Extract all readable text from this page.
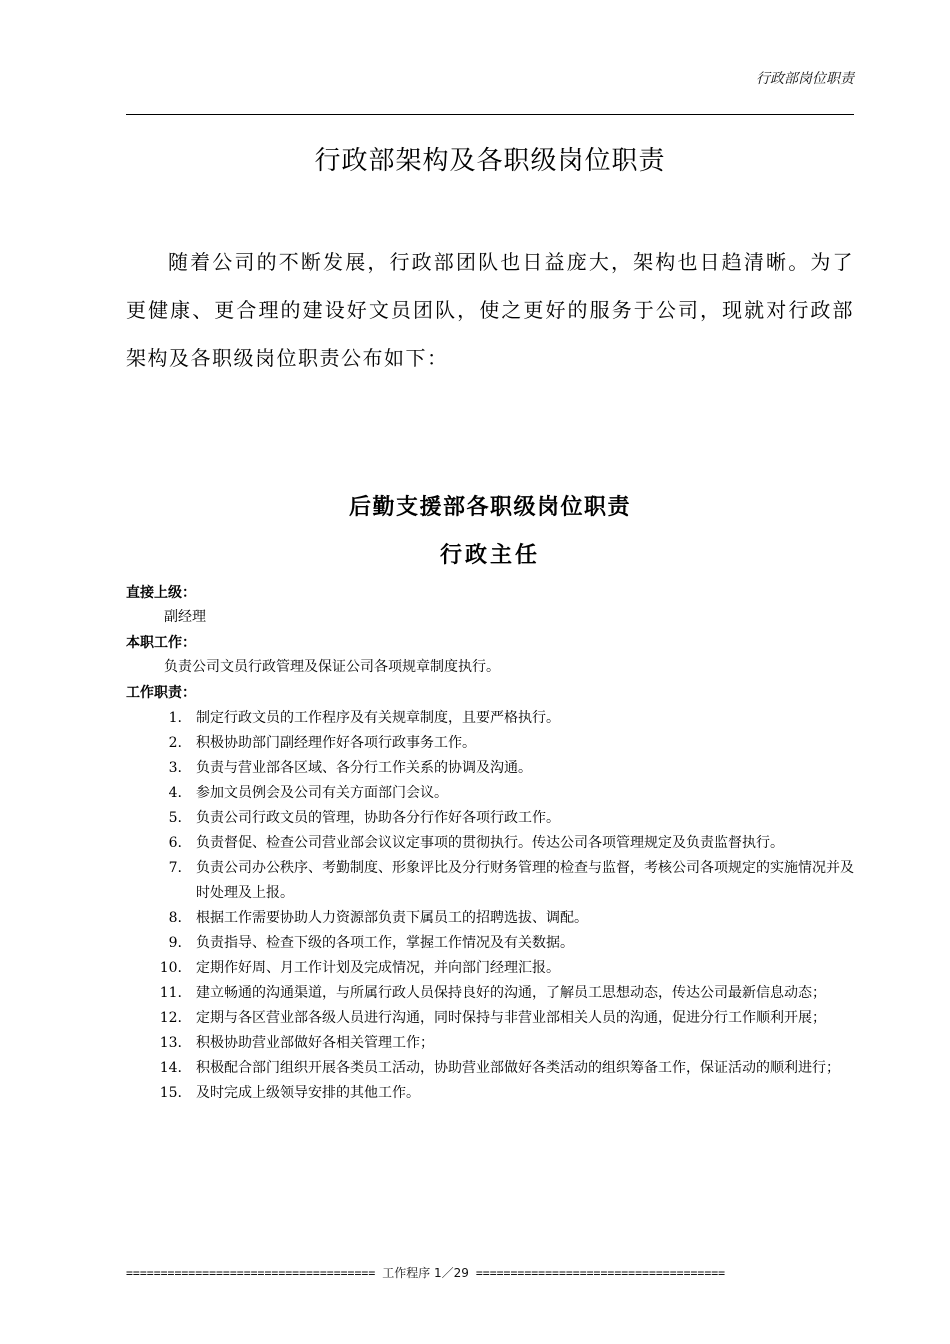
行政部岗位职责
行政部架构及各职级岗位职责
随着公司的不断发展，行政部团队也日益庞大，架构也日趋清晰。为了更健康、更合理的建设好文员团队，使之更好的服务于公司，现就对行政部架构及各职级岗位职责公布如下：
后勤支援部各职级岗位职责
行政主任
直接上级：
副经理
本职工作：
负责公司文员行政管理及保证公司各项规章制度执行。
工作职责：
1.	制定行政文员的工作程序及有关规章制度，且要严格执行。
2.	积极协助部门副经理作好各项行政事务工作。
3.	负责与营业部各区域、各分行工作关系的协调及沟通。
4.	参加文员例会及公司有关方面部门会议。
5.	负责公司行政文员的管理，协助各分行作好各项行政工作。
6.	负责督促、检查公司营业部会议议定事项的贯彻执行。传达公司各项管理规定及负责监督执行。
7.	负责公司办公秩序、考勤制度、形象评比及分行财务管理的检查与监督，考核公司各项规定的实施情况并及时处理及上报。
8.	根据工作需要协助人力资源部负责下属员工的招聘选拔、调配。
9.	负责指导、检查下级的各项工作，掌握工作情况及有关数据。
10.	定期作好周、月工作计划及完成情况，并向部门经理汇报。
11.	建立畅通的沟通渠道，与所属行政人员保持良好的沟通，了解员工思想动态，传达公司最新信息动态；
12.	定期与各区营业部各级人员进行沟通，同时保持与非营业部相关人员的沟通，促进分行工作顺利开展；
13.	积极协助营业部做好各相关管理工作；
14.	积极配合部门组织开展各类员工活动，协助营业部做好各类活动的组织筹备工作，保证活动的顺利进行；
15.	及时完成上级领导安排的其他工作。
==================================== 工作程序 1／29 ====================================
